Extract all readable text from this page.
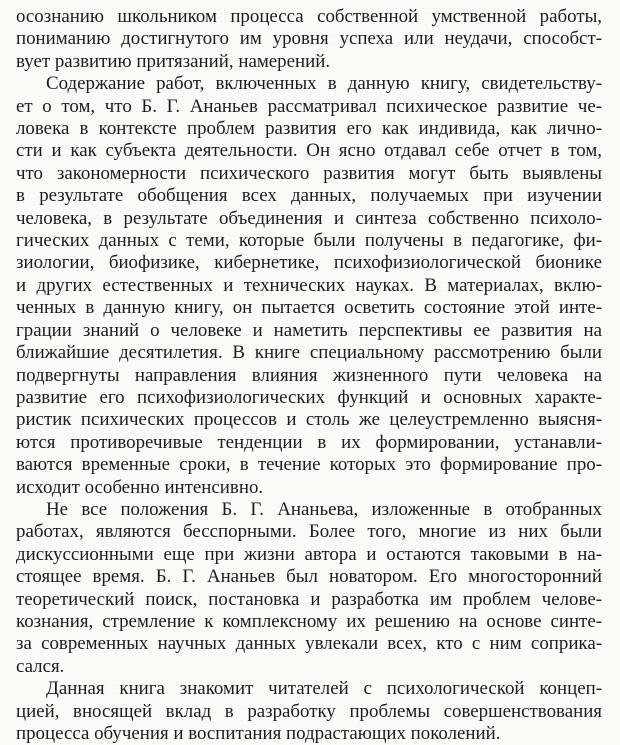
осознанию школьником процесса собственной умственной работы,
пониманию достигнутого им уровня успеха или неудачи, способст-
вует развитию притязаний, намерений.
Содержание работ, включенных в данную книгу, свидетельству-
ет о том, что Б. Г. Ананьев рассматривал психическое развитие че-
ловека в контексте проблем развития его как индивида, как лично-
сти и как субъекта деятельности. Он ясно отдавал себе отчет в том,
что закономерности психического развития могут быть выявлены
в результате обобщения всех данных, получаемых при изучении
человека, в результате объединения и синтеза собственно психоло-
гических данных с теми, которые были получены в педагогике, фи-
зиологии, биофизике, кибернетике, психофизиологической бионике
и других естественных и технических науках. В материалах, вклю-
ченных в данную книгу, он пытается осветить состояние этой инте-
грации знаний о человеке и наметить перспективы ее развития на
ближайшие десятилетия. В книге специальному рассмотрению были
подвергнуты направления влияния жизненного пути человека на
развитие его психофизиологических функций и основных характе-
ристик психических процессов и столь же целеустремленно выясня-
ются противоречивые тенденции в их формировании, устанавли-
ваются временные сроки, в течение которых это формирование про-
исходит особенно интенсивно.
Не все положения Б. Г. Ананьева, изложенные в отобранных
работах, являются бесспорными. Более того, многие из них были
дискуссионными еще при жизни автора и остаются таковыми в на-
стоящее время. Б. Г. Ананьев был новатором. Его многосторонний
теоретический поиск, постановка и разработка им проблем челове-
кознания, стремление к комплексному их решению на основе синте-
за современных научных данных увлекали всех, кто с ним соприка-
сался.
Данная книга знакомит читателей с психологической концеп-
цией, вносящей вклад в разработку проблемы совершенствования
процесса обучения и воспитания подрастающих поколений.
